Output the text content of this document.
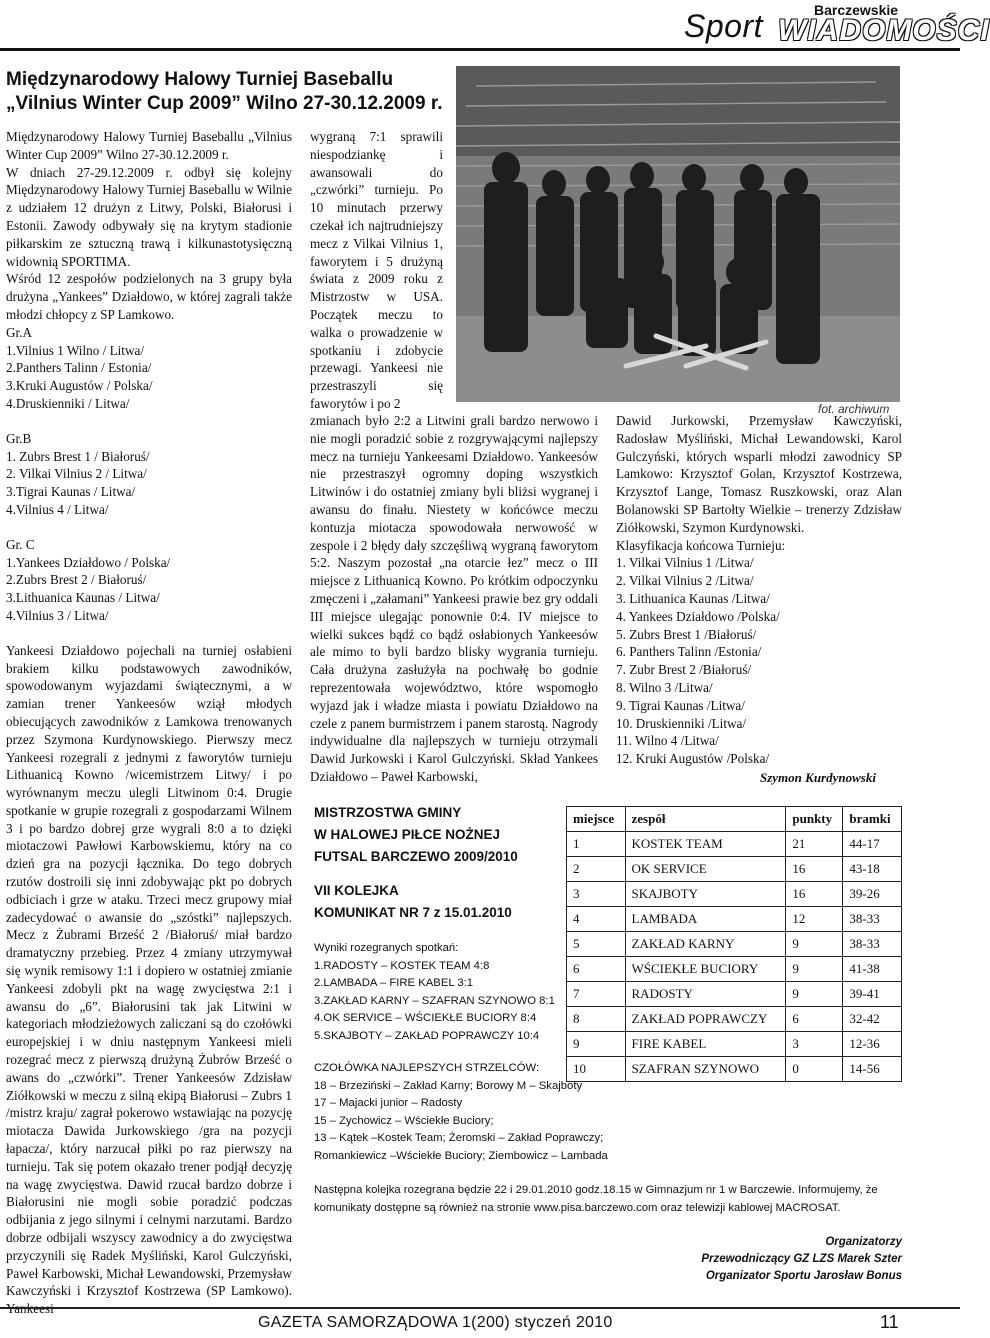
Sport	Barczewskie
WIADOMOŚCI
Międzynarodowy Halowy Turniej Baseballu
„Vilnius Winter Cup 2009” Wilno 27-30.12.2009 r.
Międzynarodowy Halowy Turniej Baseballu „Vilnius Winter Cup 2009” Wilno 27-30.12.2009 r.
W dniach 27-29.12.2009 r. odbył się kolejny Międzynarodowy Halowy Turniej Baseballu w Wilnie z udziałem 12 drużyn z Litwy, Polski, Białorusi i Estonii. Zawody odbywały się na krytym stadionie piłkarskim ze sztuczną trawą i kilkunastotysięczną widownią SPORTIMA.
Wśród 12 zespołów podzielonych na 3 grupy była drużyna „Yankees” Działdowo, w której zagrali także młodzi chłopcy z SP Lamkowo.
Gr.A
1.Vilnius 1 Wilno / Litwa/
2.Panthers Talinn / Estonia/
3.Kruki Augustów / Polska/
4.Druskienniki / Litwa/
Gr.B
1. Zubrs Brest 1 / Białoruś/
2. Vilkai Vilnius 2 / Litwa/
3.Tigrai Kaunas / Litwa/
4.Vilnius 4 / Litwa/
Gr. C
1.Yankees Działdowo / Polska/
2.Zubrs Brest 2 / Białoruś/
3.Lithuanica Kaunas / Litwa/
4.Vilnius 3 / Litwa/
Yankeesi Działdowo pojechali na turniej osłabieni brakiem kilku podstawowych zawodników, spowodowanym wyjazdami świątecznymi, a w zamian trener Yankeesów wziął młodych obiecujących zawodników z Lamkowa trenowanych przez Szymona Kurdynowskiego. Pierwszy mecz Yankeesi rozegrali z jednymi z faworytów turnieju Lithuanicą Kowno /wicemistrzem Litwy/ i po wyrównanym meczu ulegli Litwinom 0:4. Drugie spotkanie w grupie rozegrali z gospodarzami Wilnem 3 i po bardzo dobrej grze wygrali 8:0 a to dzięki miotaczowi Pawłowi Karbowskiemu, który na co dzień gra na pozycji łącznika. Do tego dobrych rzutów dostroili się inni zdobywając pkt po dobrych odbiciach i grze w ataku. Trzeci mecz grupowy miał zadecydować o awansie do „szóstki” najlepszych. Mecz z Żubrami Brześć 2 /Białoruś/ miał bardzo dramatyczny przebieg. Przez 4 zmiany utrzymywał się wynik remisowy 1:1 i dopiero w ostatniej zmianie Yankeesi zdobyli pkt na wagę zwycięstwa 2:1 i awansu do „6”. Białorusini tak jak Litwini w kategoriach młodzieżowych zaliczani są do czołówki europejskiej i w dniu następnym Yankeesi mieli rozegrać mecz z pierwszą drużyną Żubrów Brześć o awans do „czwórki”. Trener Yankeesów Zdzisław Ziółkowski w meczu z silną ekipą Białorusi – Zubrs 1 /mistrz kraju/ zagrał pokerowo wstawiając na pozycję miotacza Dawida Jurkowskiego /gra na pozycji łapacza/, który narzucał piłki po raz pierwszy na turnieju. Tak się potem okazało trener podjął decyzję na wagę zwycięstwa. Dawid rzucał bardzo dobrze i Białorusini nie mogli sobie poradzić podczas odbijania z jego silnymi i celnymi narzutami. Bardzo dobrze odbijali wszyscy zawodnicy a do zwycięstwa przyczynili się Radek Myśliński, Karol Gulczyński, Paweł Karbowski, Michał Lewandowski, Przemysław Kawczyński i Krzysztof Kostrzewa (SP Lamkowo).
fot. archiwum

wygraną 7:1 sprawili niespodziankę i awansowali do „czwórki” turnieju. Po 10 minutach przerwy czekał ich najtrudniejszy mecz z Vilkai Vilnius 1, faworytem i 5 drużyną świata z 2009 roku z Mistrzostw w USA. Początek meczu to walka o prowadzenie w spotkaniu i zdobycie przewagi. Yankeesi nie przestraszyli się faworytów i po 2

zmianach było 2:2 a Litwini grali bardzo nerwowo i nie mogli poradzić sobie z rozgrywającymi najlepszy mecz na turnieju Yankeesami Działdowo. Yankeesów nie przestraszył ogromny doping wszystkich Litwinów i do ostatniej zmiany byli bliżsi wygranej i awansu do finału. Niestety w końcówce meczu kontuzja miotacza spowodowała nerwowość w zespole i 2 błędy dały szczęśliwą wygraną faworytom 5:2. Naszym pozostał „na otarcie łez” mecz o III miejsce z Lithuanicą Kowno. Po krótkim odpoczynku zmęczeni i „załamani” Yankeesi prawie bez gry oddali III miejsce ulegając ponownie 0:4. IV miejsce to wielki sukces bądź co bądź osłabionych Yankeesów ale mimo to byli bardzo blisky wygrania turnieju. Cała drużyna zasłużyła na pochwałę bo godnie reprezentowała województwo, które wspomogło wyjazd jak i władze miasta i powiatu Działdowo na czele z panem burmistrzem i panem starostą. Nagrody indywidualne dla najlepszych w turnieju otrzymali Dawid Jurkowski i Karol Gulczyński. Skład Yankees Działdowo – Paweł Karbowski,

Dawid Jurkowski, Przemysław Kawczyński, Radosław Myśliński, Michał Lewandowski, Karol Gulczyński, których wsparli młodzi zawodnicy SP Lamkowo: Krzysztof Golan, Krzysztof Kostrzewa, Krzysztof Lange, Tomasz Ruszkowski, oraz Alan Bolanowski SP Bartołty Wielkie – trenerzy Zdzisław Ziółkowski, Szymon Kurdynowski.

Klasyfikacja końcowa Turnieju:

1. Vilkai Vilnius 1 /Litwa/
2. Vilkai Vilnius 2 /Litwa/
3. Lithuanica Kaunas /Litwa/
4. Yankees Działdowo /Polska/
5. Zubrs Brest 1 /Białoruś/
6. Panthers Talinn /Estonia/
7. Zubr Brest 2 /Białoruś/
8. Wilno 3 /Litwa/
9. Tigrai Kaunas /Litwa/
10. Druskienniki /Litwa/
11. Wilno 4 /Litwa/
12. Kruki Augustów /Polska/
Szymon Kurdynowski
MISTRZOSTWA GMINY
W HALOWEJ PIŁCE NOŻNEJ
FUTSAL BARCZEWO 2009/2010
VII KOLEJKA
KOMUNIKAT NR 7 z 15.01.2010
Wyniki rozegranych spotkań:
1.RADOSTY – KOSTEK TEAM 4:8
2.LAMBADA – FIRE KABEL 3:1
3.ZAKŁAD KARNY – SZAFRAN SZYNOWO 8:1
4.OK SERVICE – WŚCIEKŁE BUCIORY 8:4
5.SKAJBOTY – ZAKŁAD POPRAWCZY 10:4
CZOŁÓWKA NAJLEPSZYCH STRZELCÓW:
18 – Brzeziński – Zakład Karny; Borowy M – Skajboty
17 – Majacki junior – Radosty
15 – Zychowicz – Wściekłe Buciory;
13 – Kątek –Kostek Team; Żeromski – Zakład Poprawczy;
Romankiewicz –Wściekłe Buciory; Ziembowicz – Lambada
Następna kolejka rozegrana będzie 22 i 29.01.2010 godz.18.15 w Gimnazjum nr 1 w Barczewie. Informujemy, że komunikaty dostępne są również na stronie www.pisa.barczewo.com oraz telewizji kablowej MACROSAT.
Organizatorzy
Przewodniczący GZ LZS Marek Szter
Organizator Sportu Jarosław Bonus
miejsce	zespół	punkty	bramki
1	KOSTEK TEAM	21	44-17
2	OK SERVICE	16	43-18
3	SKAJBOTY	16	39-26
4	LAMBADA	12	38-33
5	ZAKŁAD KARNY	9	38-33
6	WŚCIEKŁE BUCIORY	9	41-38
7	RADOSTY	9	39-41
8	ZAKŁAD POPRAWCZY	6	32-42
9	FIRE KABEL	3	12-36
10	SZAFRAN SZYNOWO	0	14-56
GAZETA SAMORZĄDOWA 1(200) styczeń 2010	11
